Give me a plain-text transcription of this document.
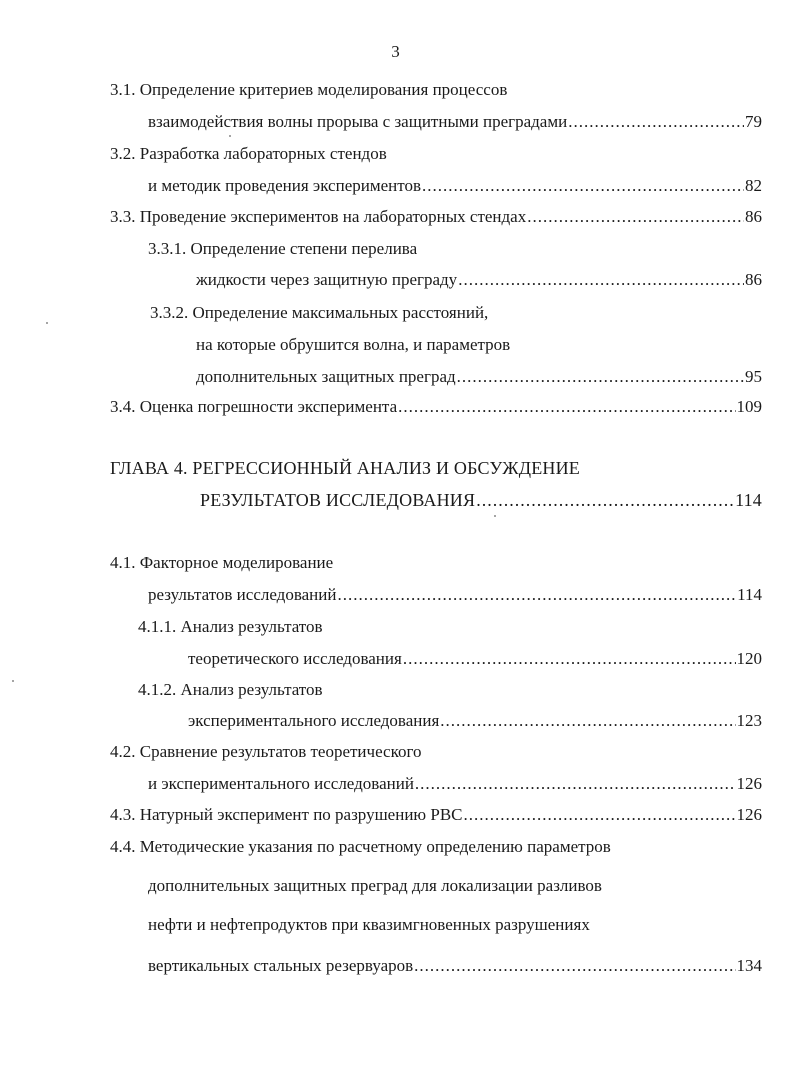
3
3.1. Определение критериев моделирования процессов
взаимодействия волны прорыва с защитными преградами .....	79
3.2. Разработка лабораторных стендов
и методик проведения экспериментов .....	82
3.3. Проведение экспериментов на лабораторных стендах .....	86
3.3.1. Определение степени перелива
жидкости через защитную преграду .....	86
3.3.2. Определение максимальных расстояний,
на которые обрушится волна, и параметров
дополнительных защитных преград .....	95
3.4. Оценка погрешности эксперимента .....	109
ГЛАВА 4. РЕГРЕССИОННЫЙ АНАЛИЗ И ОБСУЖДЕНИЕ
РЕЗУЛЬТАТОВ ИССЛЕДОВАНИЯ .....	114
4.1. Факторное моделирование
результатов исследований .....	114
4.1.1. Анализ результатов
теоретического исследования .....	120
4.1.2. Анализ результатов
экспериментального исследования .....	123
4.2. Сравнение результатов теоретического
и экспериментального исследований .....	126
4.3. Натурный эксперимент по разрушению РВС .....	126
4.4. Методические указания по расчетному определению параметров
дополнительных защитных преград для локализации разливов
нефти и нефтепродуктов при квазимгновенных разрушениях
вертикальных стальных резервуаров .....	134
